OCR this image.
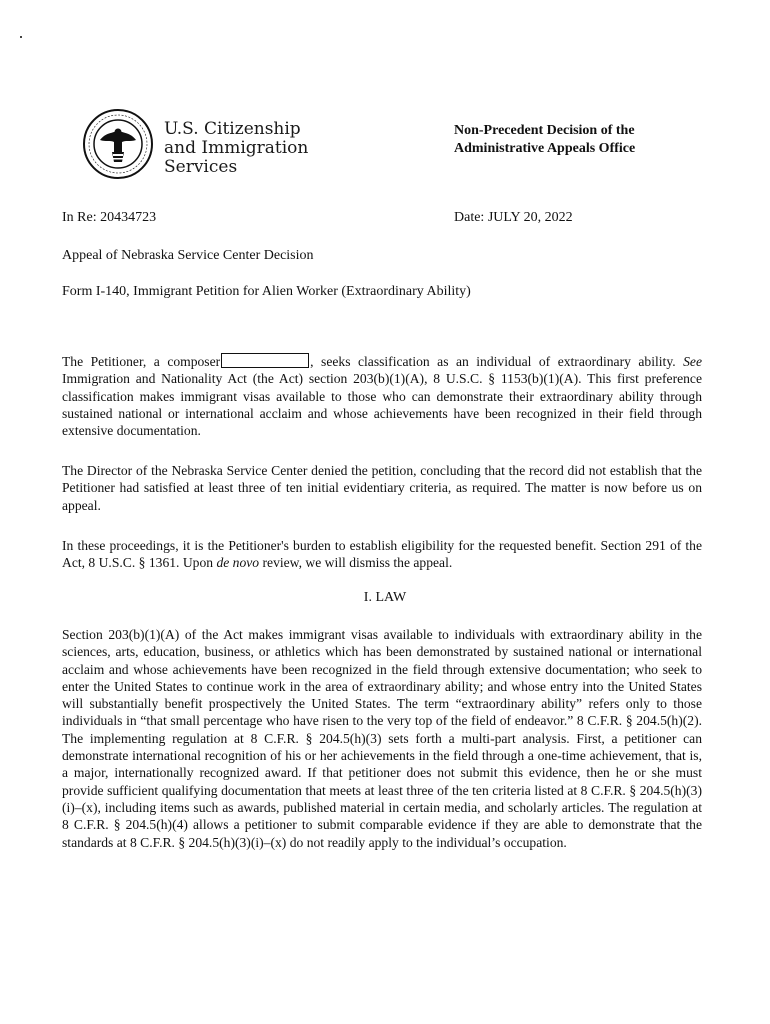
U.S. Citizenship
and Immigration
Services
Non-Precedent Decision of the
Administrative Appeals Office
In Re: 20434723	Date: JULY 20, 2022
Appeal of Nebraska Service Center Decision
Form I-140, Immigrant Petition for Alien Worker (Extraordinary Ability)

The Petitioner, a composer	, seeks classification as an individual of extraordinary ability. See Immigration and Nationality Act (the Act) section 203(b)(1)(A), 8 U.S.C. § 1153(b)(1)(A). This first preference classification makes immigrant visas available to those who can demonstrate their extraordinary ability through sustained national or international acclaim and whose achievements have been recognized in their field through extensive documentation.

The Director of the Nebraska Service Center denied the petition, concluding that the record did not establish that the Petitioner had satisfied at least three of ten initial evidentiary criteria, as required. The matter is now before us on appeal.

In these proceedings, it is the Petitioner's burden to establish eligibility for the requested benefit. Section 291 of the Act, 8 U.S.C. § 1361. Upon de novo review, we will dismiss the appeal.

I. LAW

Section 203(b)(1)(A) of the Act makes immigrant visas available to individuals with extraordinary ability in the sciences, arts, education, business, or athletics which has been demonstrated by sustained national or international acclaim and whose achievements have been recognized in the field through extensive documentation; who seek to enter the United States to continue work in the area of extraordinary ability; and whose entry into the United States will substantially benefit prospectively the United States. The term “extraordinary ability” refers only to those individuals in “that small percentage who have risen to the very top of the field of endeavor.” 8 C.F.R. § 204.5(h)(2). The implementing regulation at 8 C.F.R. § 204.5(h)(3) sets forth a multi-part analysis. First, a petitioner can demonstrate international recognition of his or her achievements in the field through a one-time achievement, that is, a major, internationally recognized award. If that petitioner does not submit this evidence, then he or she must provide sufficient qualifying documentation that meets at least three of the ten criteria listed at 8 C.F.R. § 204.5(h)(3)(i)–(x), including items such as awards, published material in certain media, and scholarly articles. The regulation at 8 C.F.R. § 204.5(h)(4) allows a petitioner to submit comparable evidence if they are able to demonstrate that the standards at 8 C.F.R. § 204.5(h)(3)(i)–(x) do not readily apply to the individual’s occupation.
